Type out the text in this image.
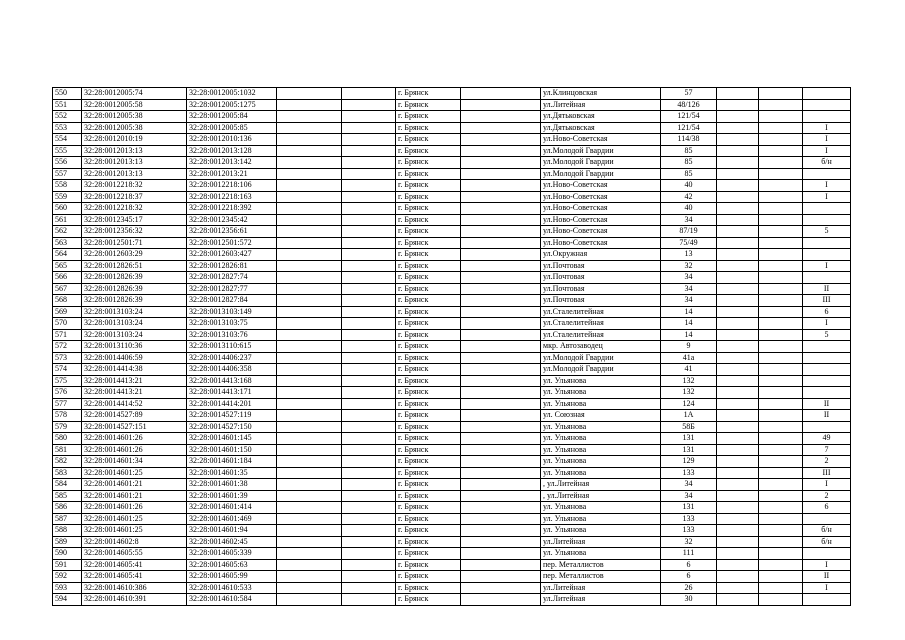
550	32:28:0012005:74	32:28:0012005:1032			г. Брянск		ул.Клинцовская	57			
551	32:28:0012005:58	32:28:0012005:1275			г. Брянск		ул.Литейная	48/126			
552	32:28:0012005:38	32:28:0012005:84			г. Брянск		ул.Дятьковская	121/54			
553	32:28:0012005:38	32:28:0012005:85			г. Брянск		ул.Дятьковская	121/54			I
554	32:28:0012010:19	32:28:0012010:136			г. Брянск		ул.Ново-Советская	114/38			I
555	32:28:0012013:13	32:28:0012013:128			г. Брянск		ул.Молодой Гвардии	85			I
556	32:28:0012013:13	32:28:0012013:142			г. Брянск		ул.Молодой Гвардии	85			б/н
557	32:28:0012013:13	32:28:0012013:21			г. Брянск		ул.Молодой Гвардии	85			
558	32:28:0012218:32	32:28:0012218:106			г. Брянск		ул.Ново-Советская	40			I
559	32:28:0012218:37	32:28:0012218:163			г. Брянск		ул.Ново-Советская	42			I
560	32:28:0012218:32	32:28:0012218:392			г. Брянск		ул.Ново-Советская	40			
561	32:28:0012345:17	32:28:0012345:42			г. Брянск		ул.Ново-Советская	34			
562	32:28:0012356:32	32:28:0012356:61			г. Брянск		ул.Ново-Советская	87/19			5
563	32:28:0012501:71	32:28:0012501:572			г. Брянск		ул.Ново-Советская	75/49			
564	32:28:0012603:29	32:28:0012603:427			г. Брянск		ул.Окружная	13			
565	32:28:0012826:51	32:28:0012826:81			г. Брянск		ул.Почтовая	32			I
566	32:28:0012826:39	32:28:0012827:74			г. Брянск		ул.Почтовая	34			
567	32:28:0012826:39	32:28:0012827:77			г. Брянск		ул.Почтовая	34			II
568	32:28:0012826:39	32:28:0012827:84			г. Брянск		ул.Почтовая	34			III
569	32:28:0013103:24	32:28:0013103:149			г. Брянск		ул.Сталелитейная	14			6
570	32:28:0013103:24	32:28:0013103:75			г. Брянск		ул.Сталелитейная	14			I
571	32:28:0013103:24	32:28:0013103:76			г. Брянск		ул.Сталелитейная	14			5
572	32:28:0013110:36	32:28:0013110:615			г. Брянск		мкр. Автозаводец	9			
573	32:28:0014406:59	32:28:0014406:237			г. Брянск		ул.Молодой Гвардии	41а			
574	32:28:0014414:38	32:28:0014406:358			г. Брянск		ул.Молодой Гвардии	41			
575	32:28:0014413:21	32:28:0014413:168			г. Брянск		ул. Ульянова	132			
576	32:28:0014413:21	32:28:0014413:171			г. Брянск		ул. Ульянова	132			
577	32:28:0014414:52	32:28:0014414:201			г. Брянск		ул. Ульянова	124			II
578	32:28:0014527:89	32:28:0014527:119			г. Брянск		ул. Союзная	1А			II
579	32:28:0014527:151	32:28:0014527:150			г. Брянск		ул. Ульянова	58Б			
580	32:28:0014601:26	32:28:0014601:145			г. Брянск		ул. Ульянова	131			49
581	32:28:0014601:26	32:28:0014601:150			г. Брянск		ул. Ульянова	131			7
582	32:28:0014601:34	32:28:0014601:184			г. Брянск		ул. Ульянова	129			2
583	32:28:0014601:25	32:28:0014601:35			г. Брянск		ул. Ульянова	133			III
584	32:28:0014601:21	32:28:0014601:38			г. Брянск		, ул.Литейная	34			I
585	32:28:0014601:21	32:28:0014601:39			г. Брянск		, ул.Литейная	34			2
586	32:28:0014601:26	32:28:0014601:414			г. Брянск		ул. Ульянова	131			6
587	32:28:0014601:25	32:28:0014601:469			г. Брянск		ул. Ульянова	133			
588	32:28:0014601:25	32:28:0014601:94			г. Брянск		ул. Ульянова	133			б/н
589	32:28:0014602:8	32:28:0014602:45			г. Брянск		ул.Литейная	32			б/н
590	32:28:0014605:55	32:28:0014605:339			г. Брянск		ул. Ульянова	111			
591	32:28:0014605:41	32:28:0014605:63			г. Брянск		пер. Металлистов	6			I
592	32:28:0014605:41	32:28:0014605:99			г. Брянск		пер. Металлистов	6			II
593	32:28:0014610:386	32:28:0014610:533			г. Брянск		ул.Литейная	26			I
594	32:28:0014610:391	32:28:0014610:584			г. Брянск		ул.Литейная	30			
